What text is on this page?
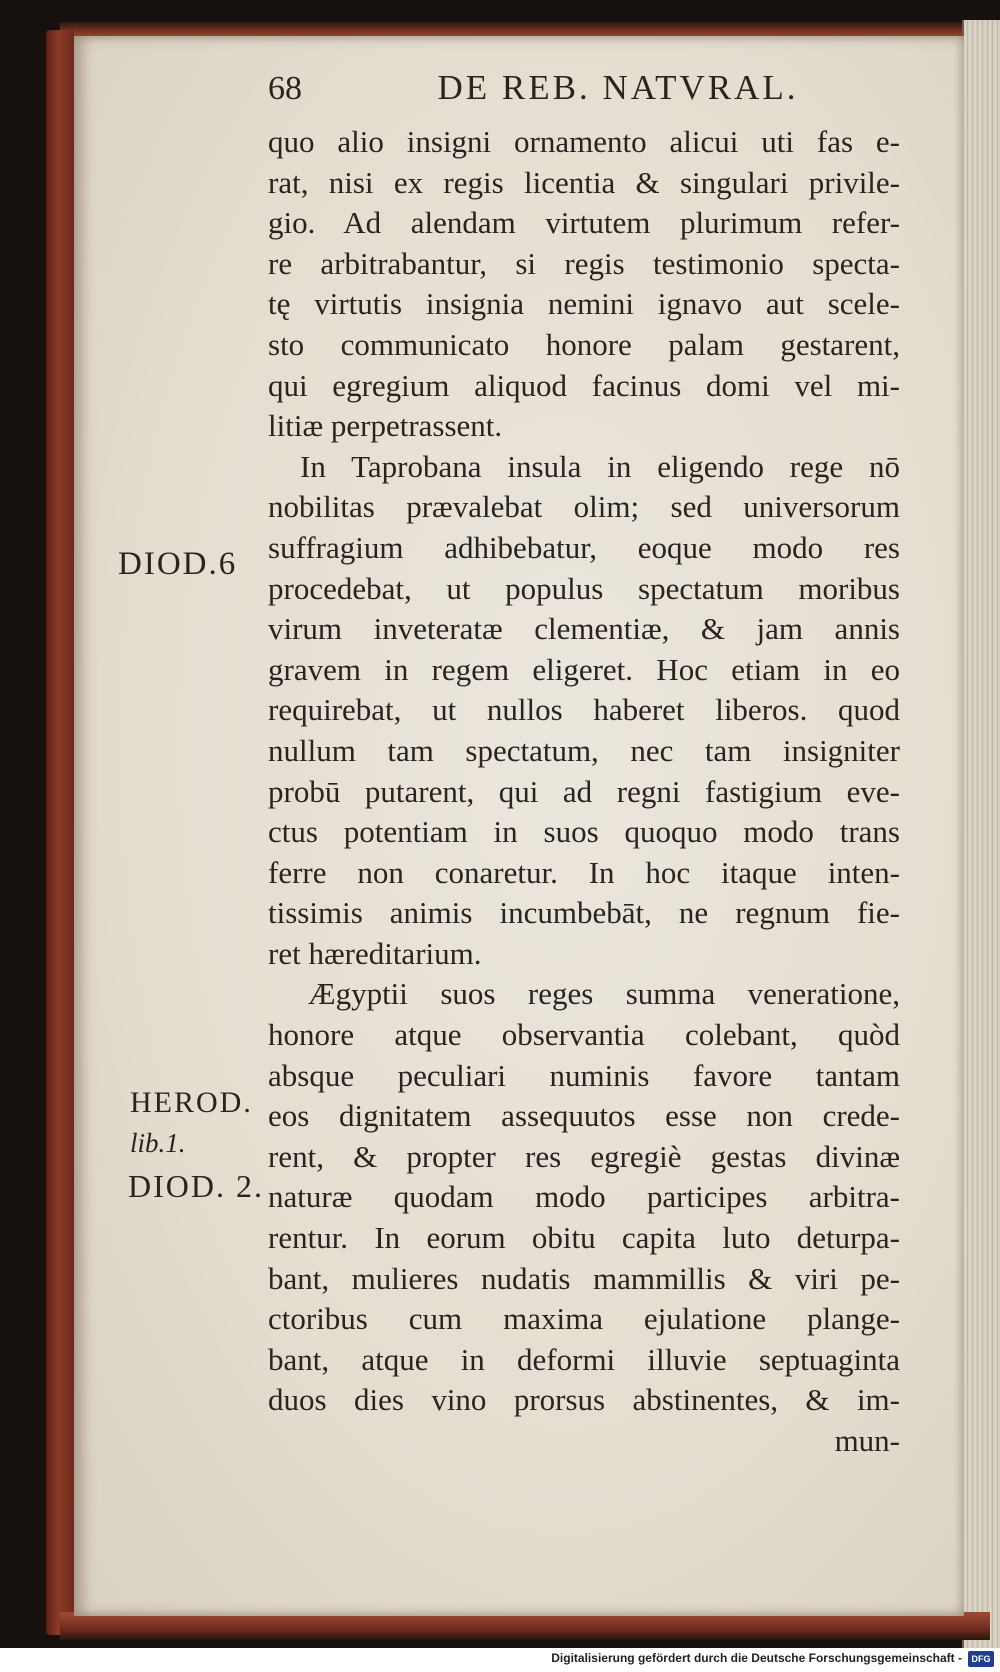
68	DE REB. NATVRAL.
quo alio insigni ornamento alicui uti fas e-
rat, nisi ex regis licentia & singulari privile-
gio. Ad alendam virtutem plurimum refer-
re arbitrabantur, si regis testimonio specta-
tę virtutis insignia nemini ignavo aut scele-
sto communicato honore palam gestarent,
qui egregium aliquod facinus domi vel mi-
litiæ perpetrassent.
In Taprobana insula in eligendo rege nō
nobilitas prævalebat olim; sed universorum
suffragium adhibebatur, eoque modo res
procedebat, ut populus spectatum moribus
virum inveteratæ clementiæ, & jam annis
gravem in regem eligeret. Hoc etiam in eo
requirebat, ut nullos haberet liberos. quod
nullum tam spectatum, nec tam insigniter
probū putarent, qui ad regni fastigium eve-
ctus potentiam in suos quoquo modo trans
ferre non conaretur. In hoc itaque inten-
tissimis animis incumbebāt, ne regnum fie-
ret hæreditarium.
Ægyptii suos reges summa veneratione,
honore atque observantia colebant, quòd
absque peculiari numinis favore tantam
eos dignitatem assequutos esse non crede-
rent, & propter res egregiè gestas divinæ
naturæ quodam modo participes arbitra-
rentur. In eorum obitu capita luto deturpa-
bant, mulieres nudatis mammillis & viri pe-
ctoribus cum maxima ejulatione plange-
bant, atque in deformi illuvie septuaginta
duos dies vino prorsus abstinentes, & im-
mun-
DIOD.6
HEROD.
lib.1.
DIOD. 2.
Digitalisierung gefördert durch die Deutsche Forschungsgemeinschaft -	DFG
